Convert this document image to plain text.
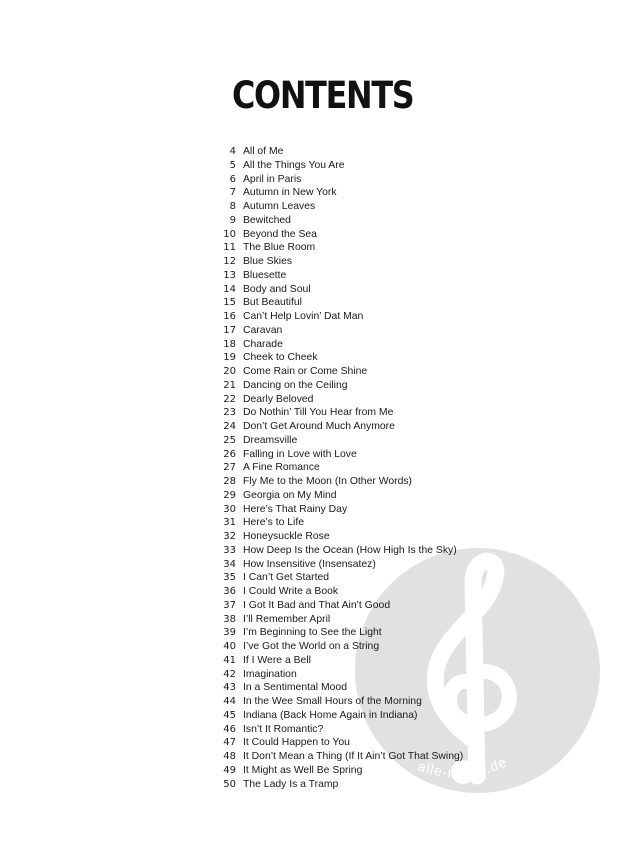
alle-noten.de
CONTENTS
4 All of Me
5 All the Things You Are
6 April in Paris
7 Autumn in New York
8 Autumn Leaves
9 Bewitched
10 Beyond the Sea
11 The Blue Room
12 Blue Skies
13 Bluesette
14 Body and Soul
15 But Beautiful
16 Can’t Help Lovin’ Dat Man
17 Caravan
18 Charade
19 Cheek to Cheek
20 Come Rain or Come Shine
21 Dancing on the Ceiling
22 Dearly Beloved
23 Do Nothin’ Till You Hear from Me
24 Don’t Get Around Much Anymore
25 Dreamsville
26 Falling in Love with Love
27 A Fine Romance
28 Fly Me to the Moon (In Other Words)
29 Georgia on My Mind
30 Here’s That Rainy Day
31 Here’s to Life
32 Honeysuckle Rose
33 How Deep Is the Ocean (How High Is the Sky)
34 How Insensitive (Insensatez)
35 I Can’t Get Started
36 I Could Write a Book
37 I Got It Bad and That Ain’t Good
38 I’ll Remember April
39 I’m Beginning to See the Light
40 I’ve Got the World on a String
41 If I Were a Bell
42 Imagination
43 In a Sentimental Mood
44 In the Wee Small Hours of the Morning
45 Indiana (Back Home Again in Indiana)
46 Isn’t It Romantic?
47 It Could Happen to You
48 It Don’t Mean a Thing (If It Ain’t Got That Swing)
49 It Might as Well Be Spring
50 The Lady Is a Tramp
